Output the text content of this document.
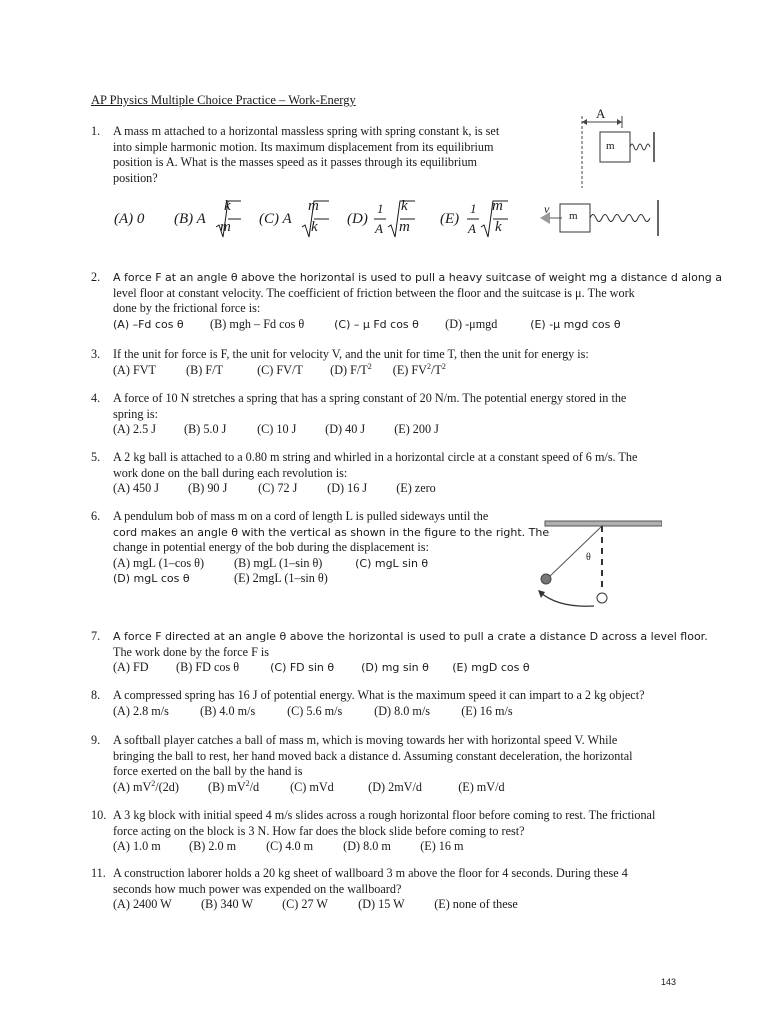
AP Physics Multiple Choice Practice – Work-Energy
1.	A mass m attached to a horizontal massless spring with spring constant k, is set
into simple harmonic motion. Its maximum displacement from its equilibrium
position is A. What is the masses speed as it passes through its equilibrium
position?
(A) 0 (B) A
k
m (C) A
m
k (D)
1
A
k
m (E)
1
A
m
k
A
m
m
v
2.	A force F at an angle θ above the horizontal is used to pull a heavy suitcase of weight mg a distance d along a
level floor at constant velocity. The coefficient of friction between the floor and the suitcase is μ. The work
done by the frictional force is:
(A) –Fd cos θ (B) mgh – Fd cos θ	(C) – μ Fd cos θ (D) -μmgd	(E) -μ mgd cos θ
3.	If the unit for force is F, the unit for velocity V, and the unit for time T, then the unit for energy is:
(A) FVT (B) F/T	(C) FV/T (D) $F/T^2$ (E) $FV^2/T^2$
4.	A force of 10 N stretches a spring that has a spring constant of 20 N/m. The potential energy stored in the
spring is:
(A) 2.5 J (B) 5.0 J	(C) 10 J (D) 40 J (E) 200 J
5.	A 2 kg ball is attached to a 0.80 m string and whirled in a horizontal circle at a constant speed of 6 m/s. The
work done on the ball during each revolution is:
(A) 450 J (B) 90 J	(C) 72 J (D) 16 J (E) zero
6.	A pendulum bob of mass m on a cord of length L is pulled sideways until the
cord makes an angle θ with the vertical as shown in the figure to the right. The
change in potential energy of the bob during the displacement is:
(A) mgL (1–cos θ) (B) mgL (1–sin θ)	(C) mgL sin θ
(D) mgL cos θ	(E) 2mgL (1–sin θ)
θ
7.	A force F directed at an angle θ above the horizontal is used to pull a crate a distance D across a level floor.
The work done by the force F is
(A) FD (B) FD cos θ	(C) FD sin θ (D) mg sin θ (E) mgD cos θ
8.	A compressed spring has 16 J of potential energy. What is the maximum speed it can impart to a 2 kg object?
(A) 2.8 m/s	(B) 4.0 m/s	(C) 5.6 m/s	(D) 8.0 m/s	(E) 16 m/s
9.	A softball player catches a ball of mass m, which is moving towards her with horizontal speed V. While
bringing the ball to rest, her hand moved back a distance d. Assuming constant deceleration, the horizontal
force exerted on the ball by the hand is
(A) $mV^2/(2d)$ (B) $mV^2/d$	(C) mVd	(D) 2mV/d	(E) mV/d
10. A 3 kg block with initial speed 4 m/s slides across a rough horizontal floor before coming to rest. The frictional
force acting on the block is 3 N. How far does the block slide before coming to rest?
(A) 1.0 m (B) 2.0 m (C) 4.0 m (D) 8.0 m (E) 16 m
11. A construction laborer holds a 20 kg sheet of wallboard 3 m above the floor for 4 seconds. During these 4
seconds how much power was expended on the wallboard?
(A) 2400 W (B) 340 W (C) 27 W (D) 15 W (E) none of these
143
